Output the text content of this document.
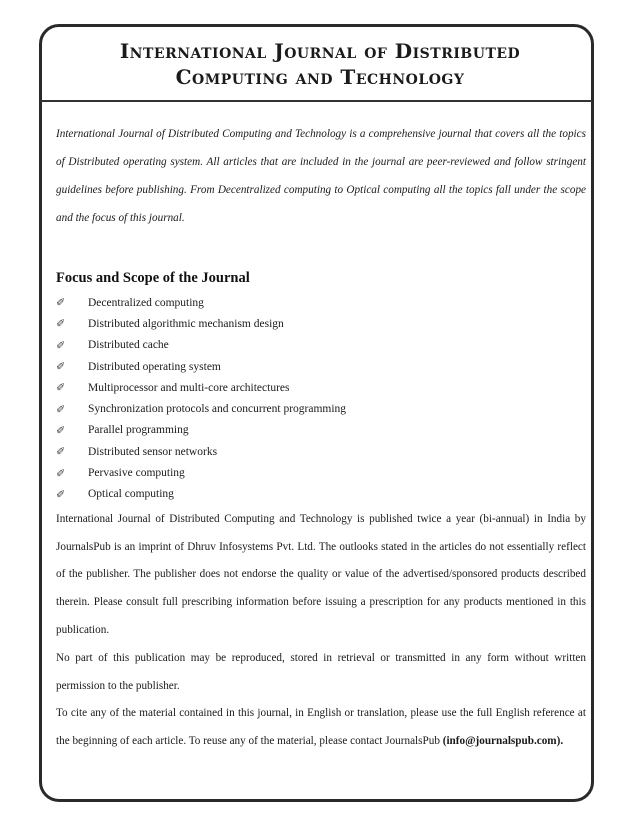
International Journal of Distributed
Computing and Technology
International Journal of Distributed Computing and Technology is a comprehensive journal that covers all the topics of Distributed operating system. All articles that are included in the journal are peer-reviewed and follow stringent guidelines before publishing. From Decentralized computing to Optical computing all the topics fall under the scope and the focus of this journal.
Focus and Scope of the Journal
✐	Decentralized computing
✐	Distributed algorithmic mechanism design
✐	Distributed cache
✐	Distributed operating system
✐	Multiprocessor and multi-core architectures
✐	Synchronization protocols and concurrent programming
✐	Parallel programming
✐	Distributed sensor networks
✐	Pervasive computing
✐	Optical computing

International Journal of Distributed Computing and Technology is published twice a year (bi-annual) in India by JournalsPub is an imprint of Dhruv Infosystems Pvt. Ltd. The outlooks stated in the articles do not essentially reflect of the publisher. The publisher does not endorse the quality or value of the advertised/sponsored products described therein. Please consult full prescribing information before issuing a prescription for any products mentioned in this publication.

No part of this publication may be reproduced, stored in retrieval or transmitted in any form without written permission to the publisher.

To cite any of the material contained in this journal, in English or translation, please use the full English reference at the beginning of each article. To reuse any of the material, please contact JournalsPub (info@journalspub.com).
